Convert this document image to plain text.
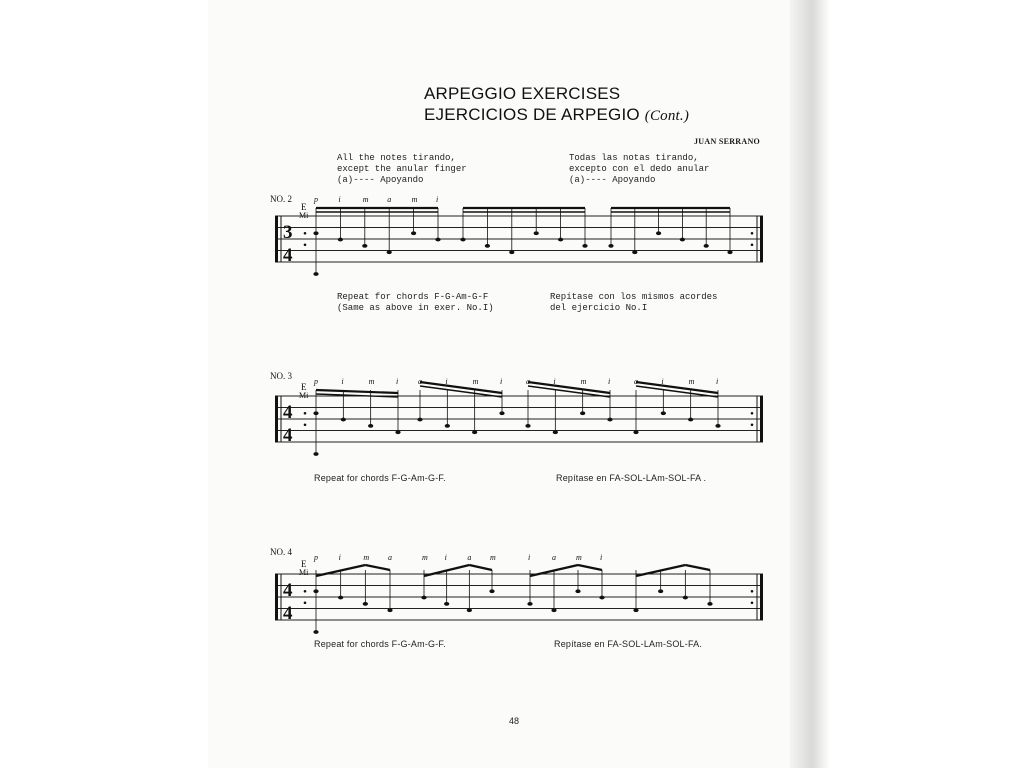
ARPEGGIO EXERCISES
EJERCICIOS DE ARPEGIO (Cont.)
JUAN SERRANO
All the notes tirando,
except the anular finger
(a)---- Apoyando
Todas las notas tirando,
excepto con el dedo anular
(a)---- Apoyando
NO. 2
E
Mi
NO. 3
E
Mi
NO. 4
E
Mi
Repeat for chords F-G-Am-G-F
(Same as above in exer. No.I)
Repítase con los mismos acordes
del ejercicio No.I
Repeat for chords F-G-Am-G-F.	Repítase en FA-SOL-LAm-SOL-FA .
Repeat for chords F-G-Am-G-F.	Repítase en FA-SOL-LAm-SOL-FA.
48
3
4
p	i	m a	m i
4
4
p	i	m	i a	i	m	i	a	i	m	i	a	i	m	i
4
4
p	i	m a	m i	a m	i	a	m i
